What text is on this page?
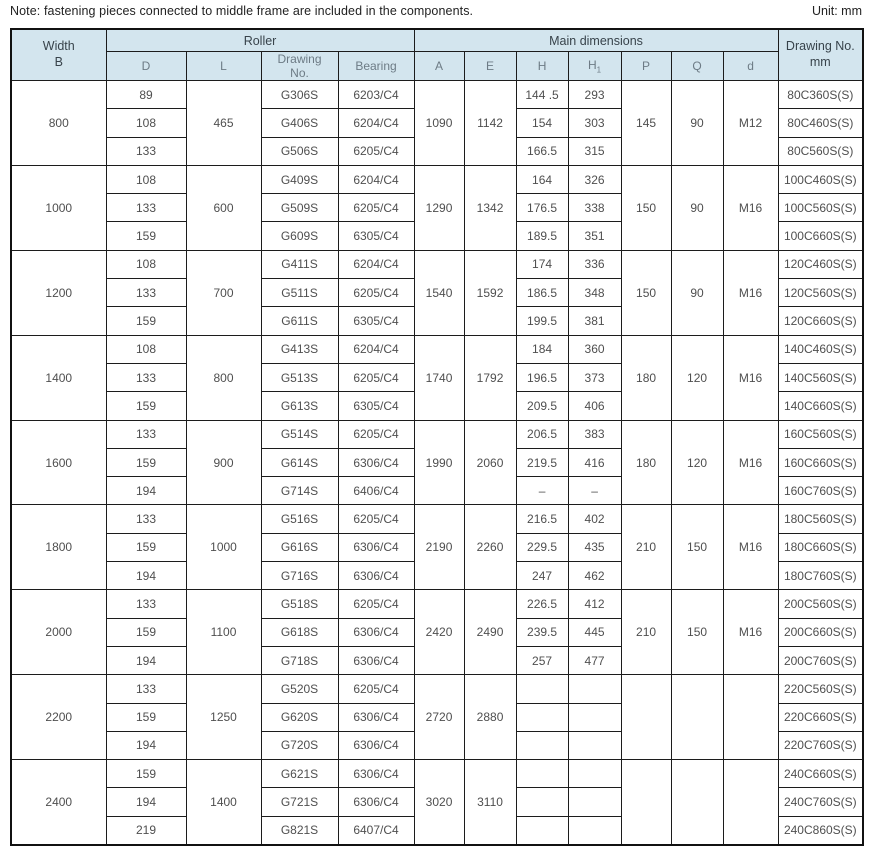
Note: fastening pieces connected to middle frame are included in the components.	Unit: mm
Width
B	Roller				Main dimensions							Drawing No.
mm
	D	L	Drawing
No.	Bearing	A	E	H	$H_1$	P	Q	d	
800	89	465	G306S	6203/C4	1090	1142	144 .5	293	145	90	M12	80C360S(S)
	108		G406S	6204/C4			154	303				80C460S(S)
	133		G506S	6205/C4			166.5	315				80C560S(S)
1000	108	600	G409S	6204/C4	1290	1342	164	326	150	90	M16	100C460S(S)
	133		G509S	6205/C4			176.5	338				100C560S(S)
	159		G609S	6305/C4			189.5	351				100C660S(S)
1200	108	700	G411S	6204/C4	1540	1592	174	336	150	90	M16	120C460S(S)
	133		G511S	6205/C4			186.5	348				120C560S(S)
	159		G611S	6305/C4			199.5	381				120C660S(S)
1400	108	800	G413S	6204/C4	1740	1792	184	360	180	120	M16	140C460S(S)
	133		G513S	6205/C4			196.5	373				140C560S(S)
	159		G613S	6305/C4			209.5	406				140C660S(S)
1600	133	900	G514S	6205/C4	1990	2060	206.5	383	180	120	M16	160C560S(S)
	159		G614S	6306/C4			219.5	416				160C660S(S)
	194		G714S	6406/C4			–	–				160C760S(S)
1800	133	1000	G516S	6205/C4	2190	2260	216.5	402	210	150	M16	180C560S(S)
	159		G616S	6306/C4			229.5	435				180C660S(S)
	194		G716S	6306/C4			247	462				180C760S(S)
2000	133	1100	G518S	6205/C4	2420	2490	226.5	412	210	150	M16	200C560S(S)
	159		G618S	6306/C4			239.5	445				200C660S(S)
	194		G718S	6306/C4			257	477				200C760S(S)
2200	133	1250	G520S	6205/C4	2720	2880						220C560S(S)
	159		G620S	6306/C4								220C660S(S)
	194		G720S	6306/C4								220C760S(S)
2400	159	1400	G621S	6306/C4	3020	3110						240C660S(S)
	194		G721S	6306/C4								240C760S(S)
	219		G821S	6407/C4								240C860S(S)
